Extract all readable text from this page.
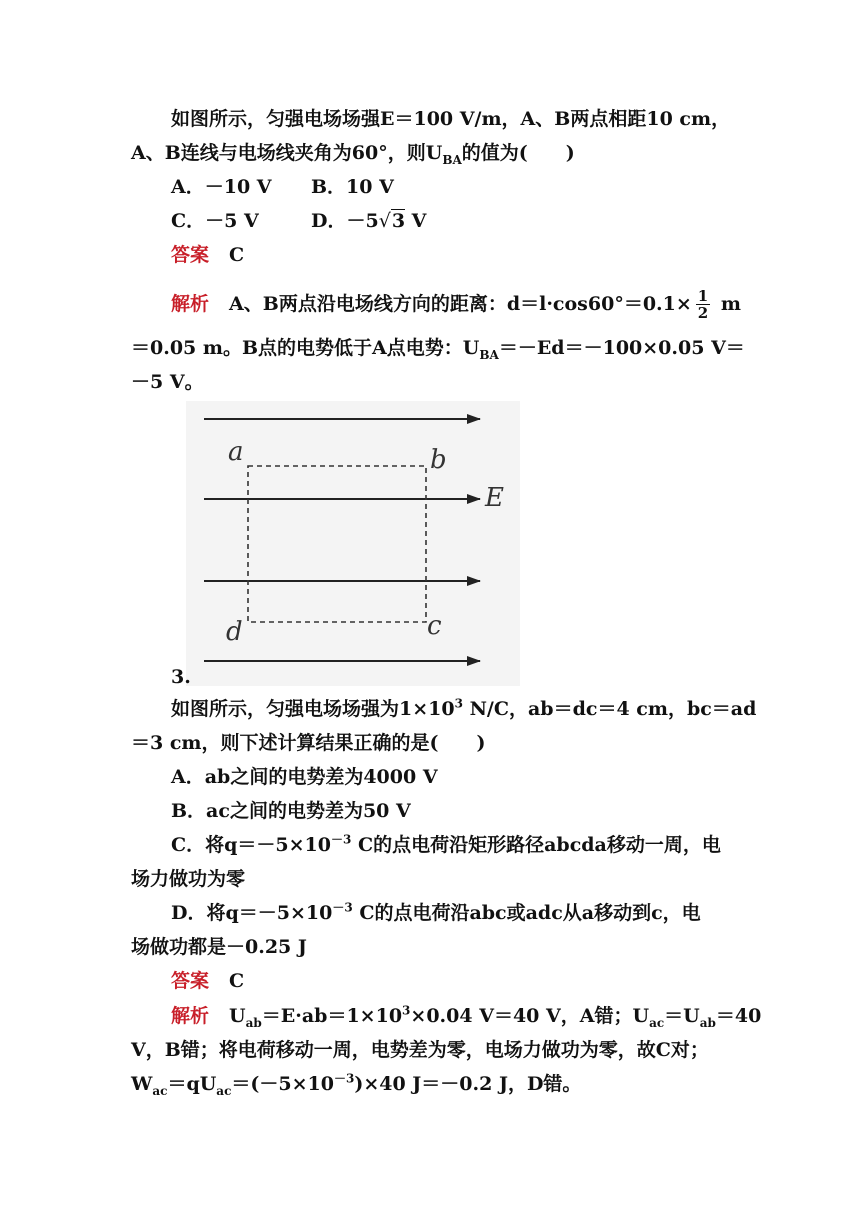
如图所示，匀强电场场强E＝100 V/m，A、B两点相距10 cm，
A、B连线与电场线夹角为60°，则$U_{BA}$的值为(　　)
A．－10 V B．10 V
C．－5 V	D．－5√3 V
答案 C
解析 A、B两点沿电场线方向的距离：$d=l\cdot\cos 60^\circ=0.1\times \frac{1}{2}$ m
＝0.05 m。B点的电势低于A点电势：$U_{BA}=-Ed=-100\times 0.05$ V＝
－5 V。
a	b
c
d
E
3.
如图所示，匀强电场场强为$1\times 10^3$ N/C，ab＝dc＝4 cm，bc＝ad
＝3 cm，则下述计算结果正确的是(　　)
A．ab之间的电势差为4000 V
B．ac之间的电势差为50 V
C．将$q=-5\times 10^{-3}$ C的点电荷沿矩形路径abcda移动一周，电
场力做功为零
D．将$q=-5\times 10^{-3}$ C的点电荷沿abc或adc从a移动到c，电
场做功都是－0.25 J
答案 C
解析 $U_{ab}=E\cdot ab=1\times 10^3\times 0.04$ V＝40 V，A错；$U_{ac}=U_{ab}=40$
V，B错；将电荷移动一周，电势差为零，电场力做功为零，故C对；
$W_{ac}=qU_{ac}=(-5\times 10^{-3})\times 40$ J＝－0.2 J，D错。
